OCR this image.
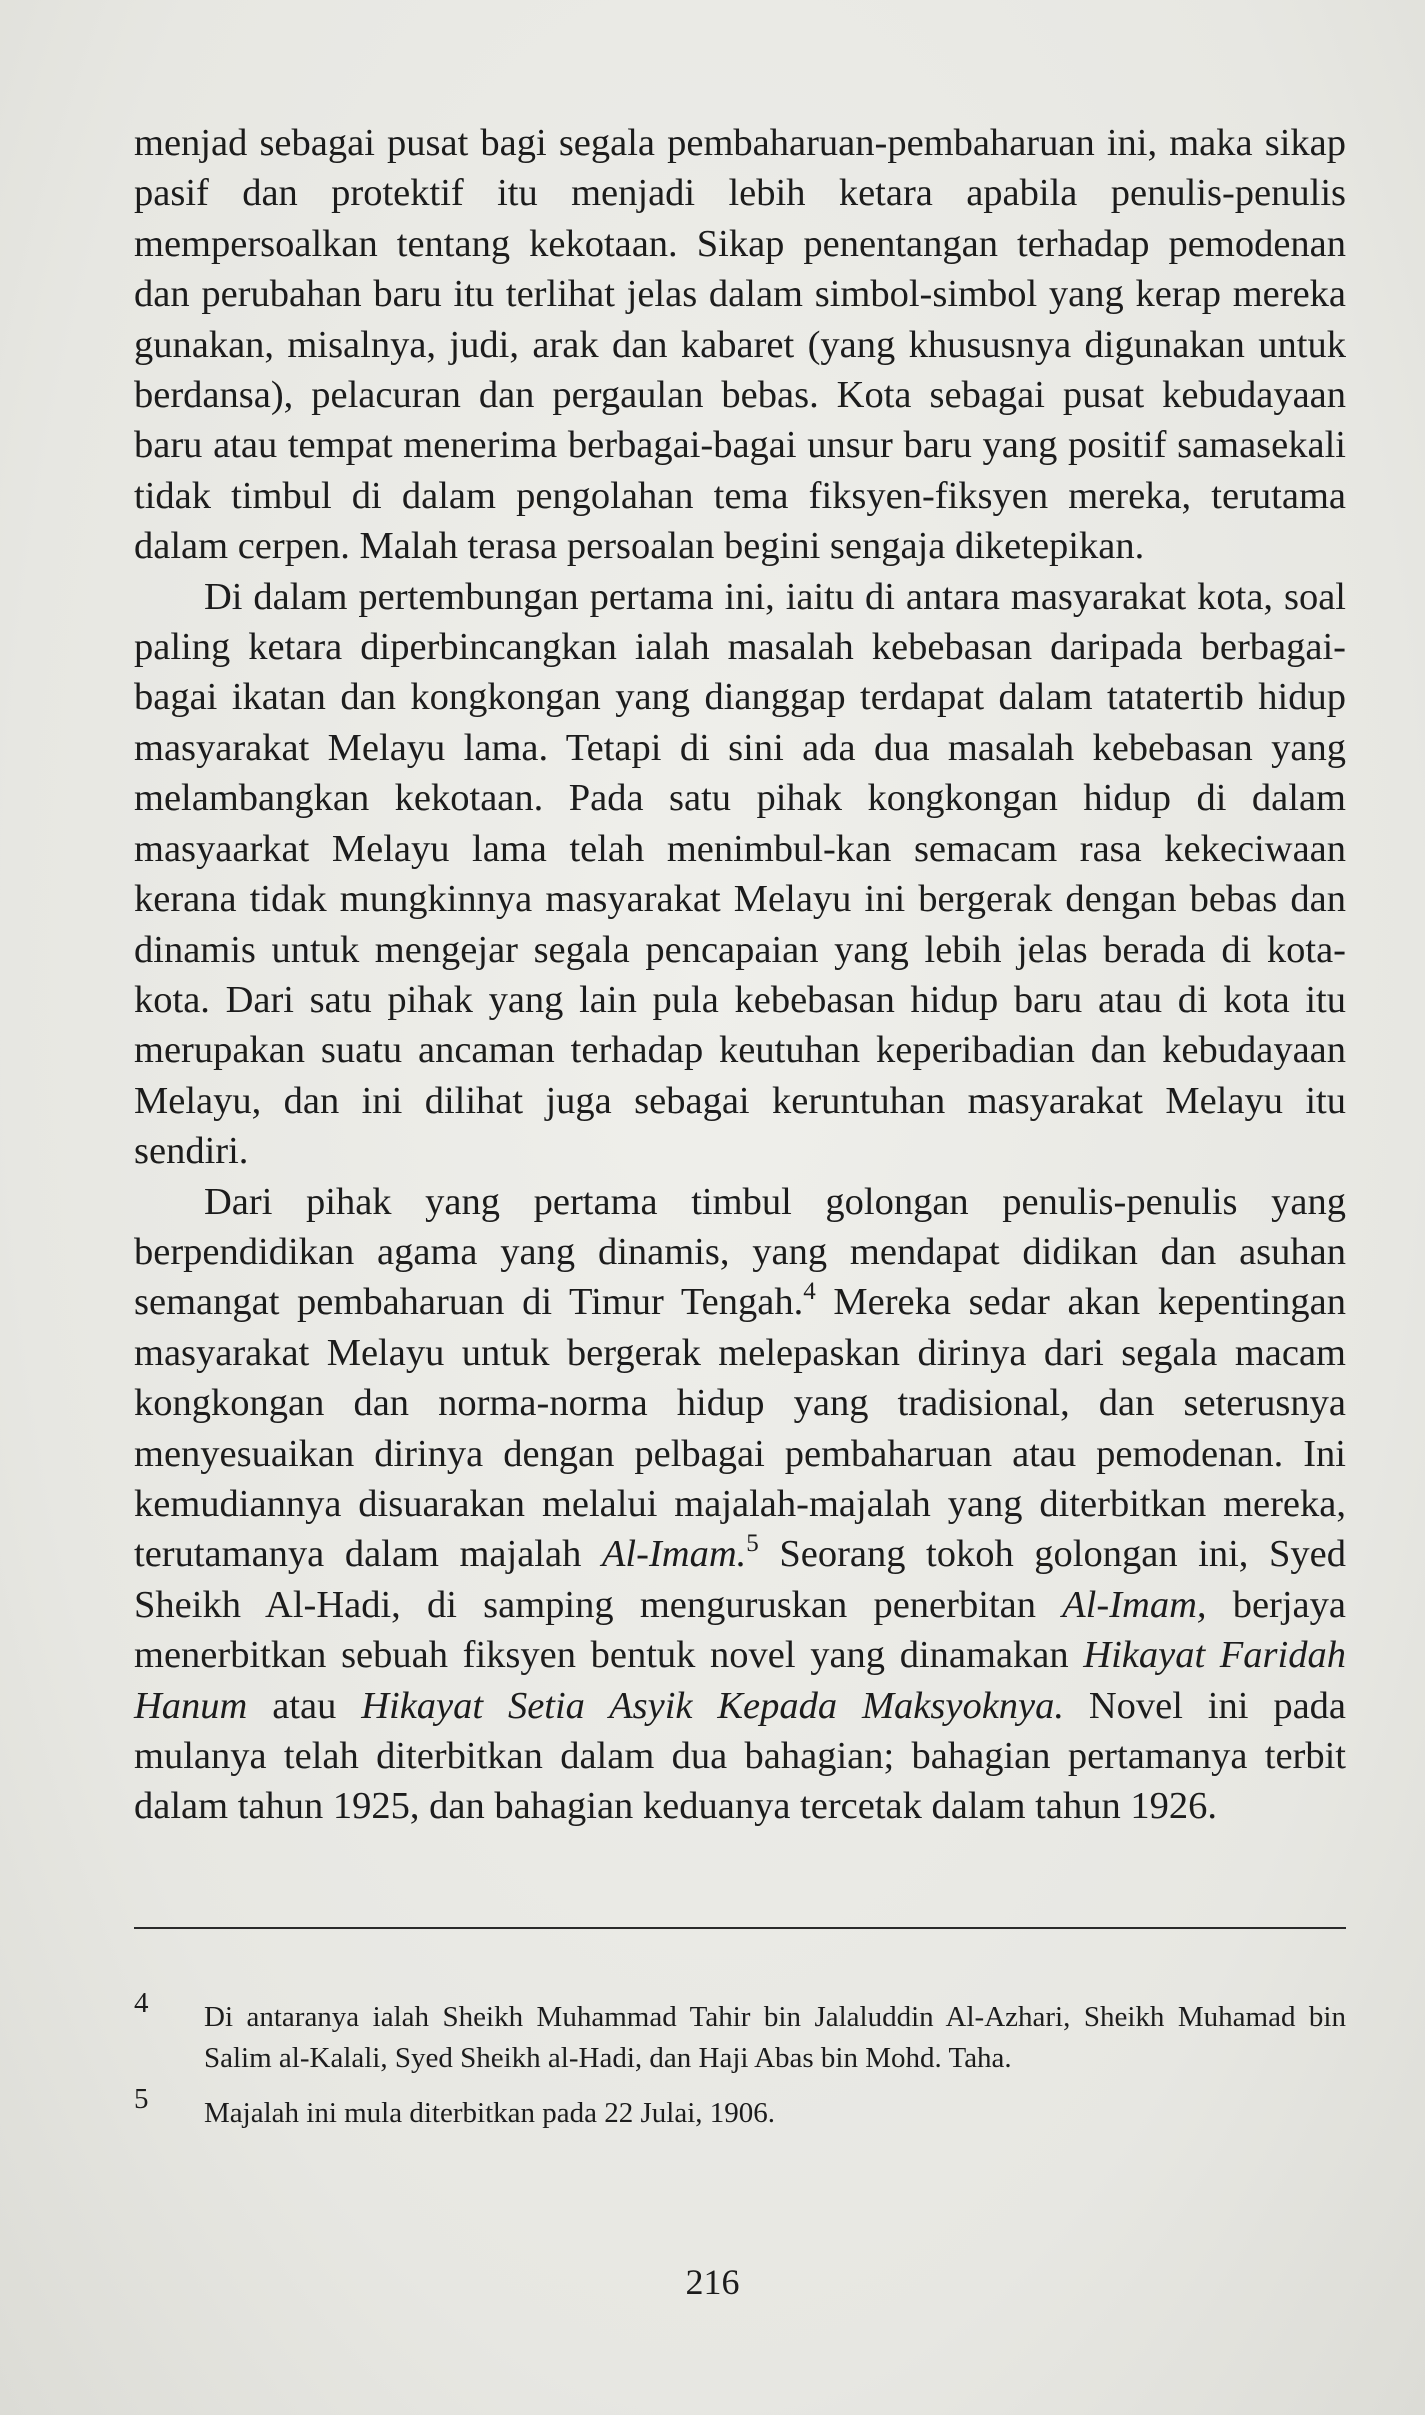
menjad sebagai pusat bagi segala pembaharuan-pembaharuan ini, maka sikap pasif dan protektif itu menjadi lebih ketara apabila penulis-penulis mempersoalkan tentang kekotaan. Sikap penentangan terhadap pemodenan dan perubahan baru itu terlihat jelas dalam simbol-simbol yang kerap mereka gunakan, misalnya, judi, arak dan kabaret (yang khususnya digunakan untuk berdansa), pelacuran dan pergaulan bebas. Kota sebagai pusat kebudayaan baru atau tempat menerima berbagai-bagai unsur baru yang positif samasekali tidak timbul di dalam pengolahan tema fiksyen-fiksyen mereka, terutama dalam cerpen. Malah terasa persoalan begini sengaja diketepikan.

Di dalam pertembungan pertama ini, iaitu di antara masyarakat kota, soal paling ketara diperbincangkan ialah masalah kebebasan daripada berbagai-bagai ikatan dan kongkongan yang dianggap terdapat dalam tatatertib hidup masyarakat Melayu lama. Tetapi di sini ada dua masalah kebebasan yang melambangkan kekotaan. Pada satu pihak kongkongan hidup di dalam masyaarkat Melayu lama telah menimbul-kan semacam rasa kekeciwaan kerana tidak mungkinnya masyarakat Melayu ini bergerak dengan bebas dan dinamis untuk mengejar segala pencapaian yang lebih jelas berada di kota-kota. Dari satu pihak yang lain pula kebebasan hidup baru atau di kota itu merupakan suatu ancaman terhadap keutuhan keperibadian dan kebudayaan Melayu, dan ini dilihat juga sebagai keruntuhan masyarakat Melayu itu sendiri.

Dari pihak yang pertama timbul golongan penulis-penulis yang berpendidikan agama yang dinamis, yang mendapat didikan dan asuhan semangat pembaharuan di Timur Tengah.$^4$ Mereka sedar akan kepentingan masyarakat Melayu untuk bergerak melepaskan dirinya dari segala macam kongkongan dan norma-norma hidup yang tradisional, dan seterusnya menyesuaikan dirinya dengan pelbagai pembaharuan atau pemodenan. Ini kemudiannya disuarakan melalui majalah-majalah yang diterbitkan mereka, terutamanya dalam majalah Al-Imam.$^5$ Seorang tokoh golongan ini, Syed Sheikh Al-Hadi, di samping menguruskan penerbitan Al-Imam, berjaya menerbitkan sebuah fiksyen bentuk novel yang dinamakan Hikayat Faridah Hanum atau Hikayat Setia Asyik Kepada Maksyoknya. Novel ini pada mulanya telah diterbitkan dalam dua bahagian; bahagian pertamanya terbit dalam tahun 1925, dan bahagian keduanya tercetak dalam tahun 1926.

4 Di antaranya ialah Sheikh Muhammad Tahir bin Jalaluddin Al-Azhari, Sheikh Muhamad bin Salim al-Kalali, Syed Sheikh al-Hadi, dan Haji Abas bin Mohd. Taha.
5 Majalah ini mula diterbitkan pada 22 Julai, 1906.
216
